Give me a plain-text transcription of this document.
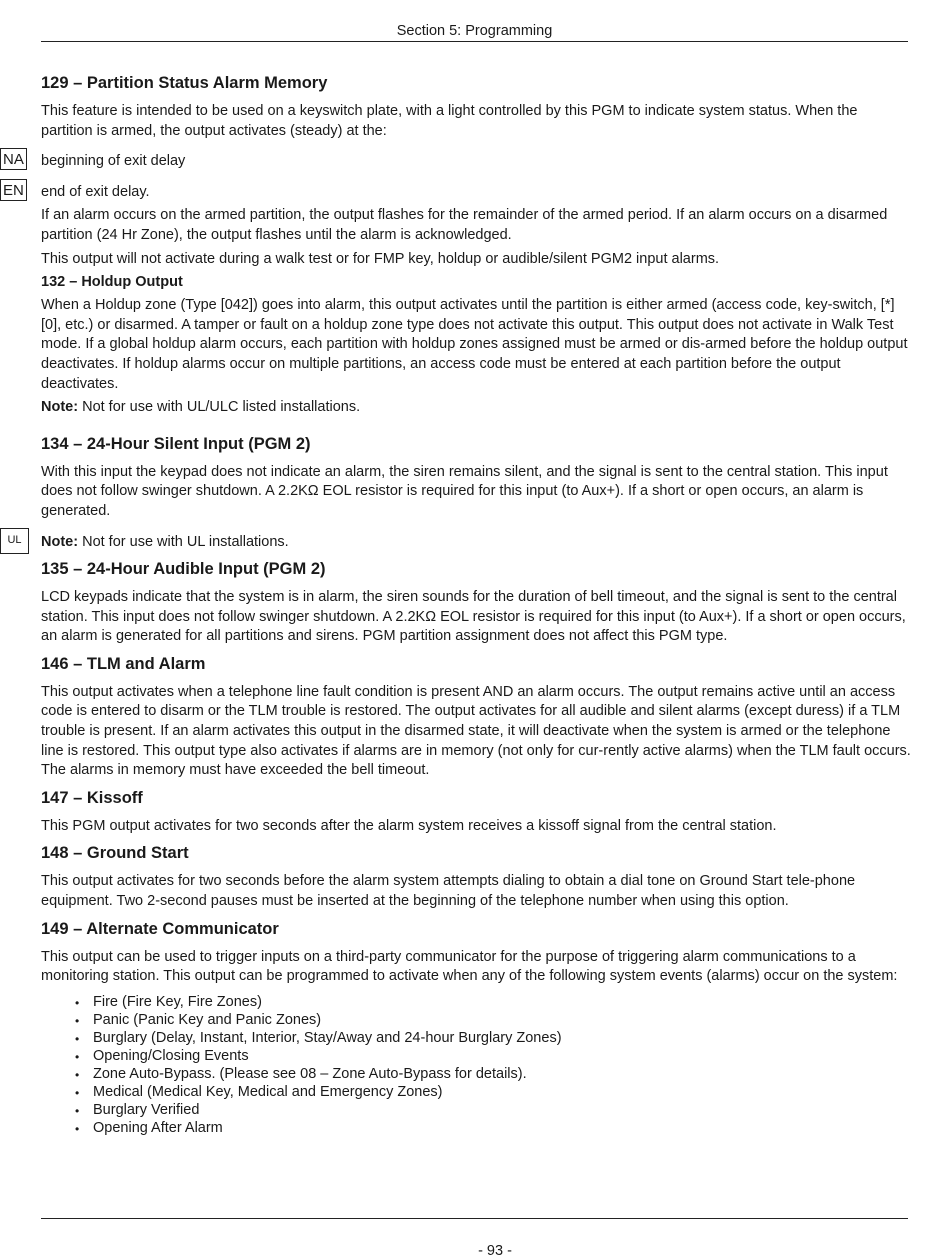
Section 5: Programming
129 – Partition Status Alarm Memory

This feature is intended to be used on a keyswitch plate, with a light controlled by this PGM to indicate system status. When the partition is armed, the output activates (steady) at the:

NA beginning of exit delay

EN end of exit delay.

If an alarm occurs on the armed partition, the output flashes for the remainder of the armed period. If an alarm occurs on a disarmed partition (24 Hr Zone), the output flashes until the alarm is acknowledged.

This output will not activate during a walk test or for FMP key, holdup or audible/silent PGM2 input alarms.

132 – Holdup Output

When a Holdup zone (Type [042]) goes into alarm, this output activates until the partition is either armed (access code, key-switch, [*][0], etc.) or disarmed. A tamper or fault on a holdup zone type does not activate this output. This output does not activate in Walk Test mode. If a global holdup alarm occurs, each partition with holdup zones assigned must be armed or dis-armed before the holdup output deactivates. If holdup alarms occur on multiple partitions, an access code must be entered at each partition before the output deactivates.

Note: Not for use with UL/ULC listed installations.

134 – 24-Hour Silent Input (PGM 2)

With this input the keypad does not indicate an alarm, the siren remains silent, and the signal is sent to the central station. This input does not follow swinger shutdown. A 2.2KΩ EOL resistor is required for this input (to Aux+). If a short or open occurs, an alarm is generated.

UL	Note: Not for use with UL installations.

135 – 24-Hour Audible Input (PGM 2)

LCD keypads indicate that the system is in alarm, the siren sounds for the duration of bell timeout, and the signal is sent to the central station. This input does not follow swinger shutdown. A 2.2KΩ EOL resistor is required for this input (to Aux+). If a short or open occurs, an alarm is generated for all partitions and sirens. PGM partition assignment does not affect this PGM type.

146 – TLM and Alarm

This output activates when a telephone line fault condition is present AND an alarm occurs. The output remains active until an access code is entered to disarm or the TLM trouble is restored. The output activates for all audible and silent alarms (except duress) if a TLM trouble is present. If an alarm activates this output in the disarmed state, it will deactivate when the system is armed or the telephone line is restored. This output type also activates if alarms are in memory (not only for cur-rently active alarms) when the TLM fault occurs. The alarms in memory must have exceeded the bell timeout.

147 – Kissoff

This PGM output activates for two seconds after the alarm system receives a kissoff signal from the central station.

148 – Ground Start

This output activates for two seconds before the alarm system attempts dialing to obtain a dial tone on Ground Start tele-phone equipment. Two 2-second pauses must be inserted at the beginning of the telephone number when using this option.

149 – Alternate Communicator

This output can be used to trigger inputs on a third-party communicator for the purpose of triggering alarm communications to a monitoring station. This output can be programmed to activate when any of the following system events (alarms) occur on the system:

• Fire (Fire Key, Fire Zones)
• Panic (Panic Key and Panic Zones)
• Burglary (Delay, Instant, Interior, Stay/Away and 24-hour Burglary Zones)
• Opening/Closing Events
• Zone Auto-Bypass. (Please see 08 – Zone Auto-Bypass for details).
• Medical (Medical Key, Medical and Emergency Zones)
• Burglary Verified
• Opening After Alarm
- 93 -
